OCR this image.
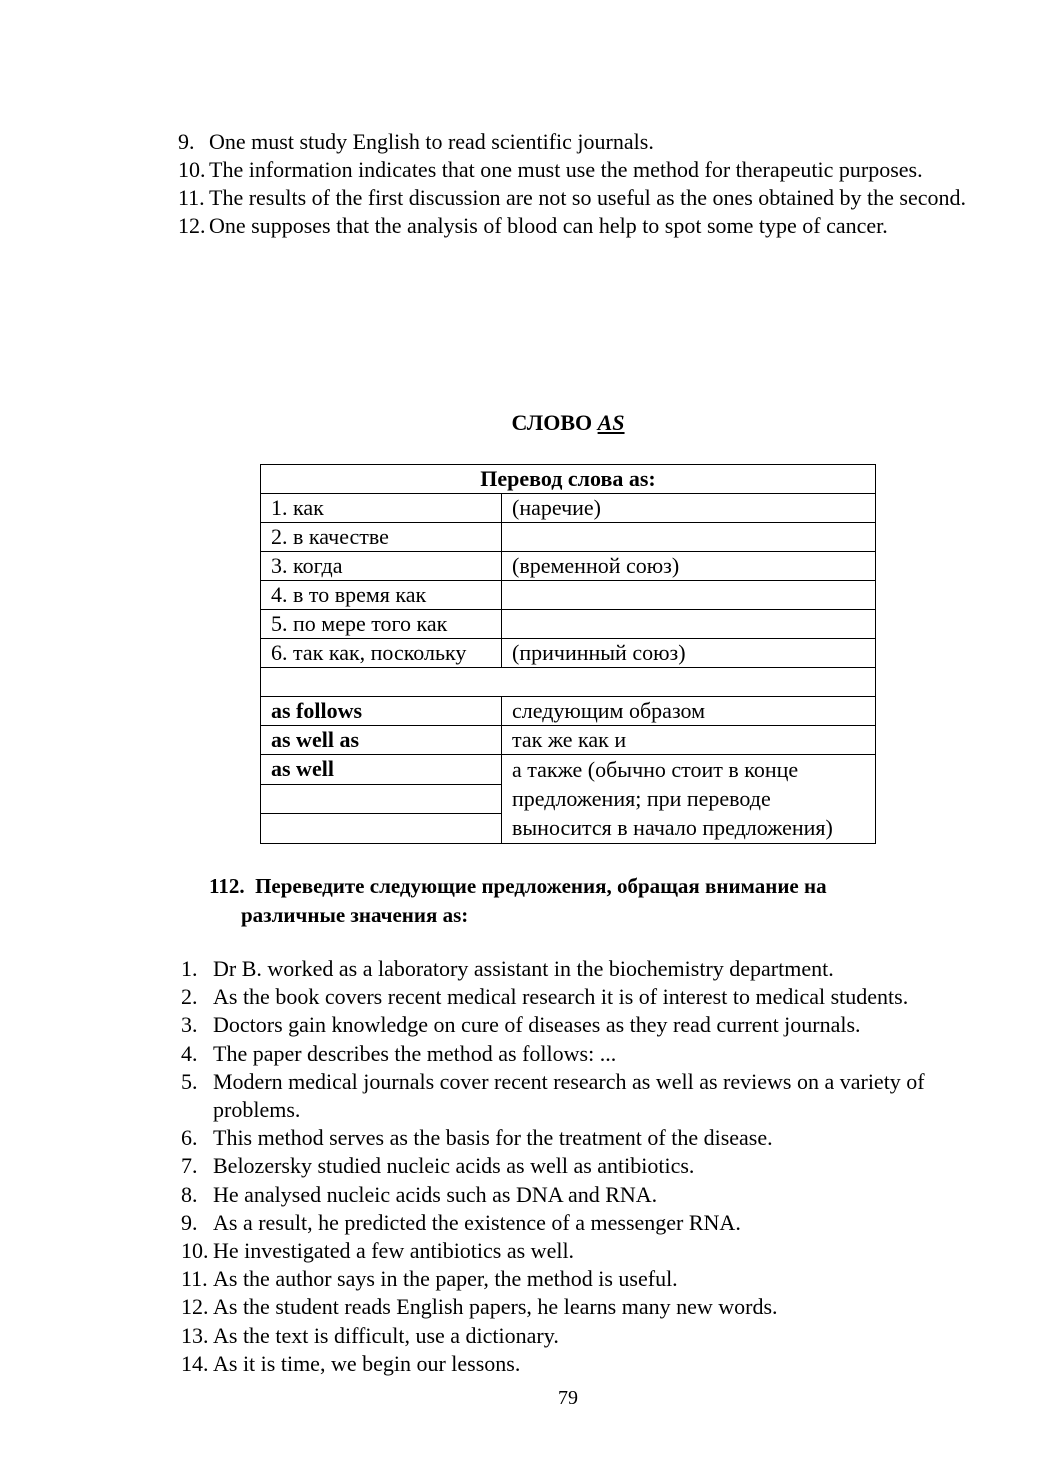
9. One must study English to read scientific journals.
10. The information indicates that one must use the method for therapeutic purposes.
11. The results of the first discussion are not so useful as the ones obtained by the second.
12. One supposes that the analysis of blood can help to spot some type of cancer.
СЛОВО AS
Перевод слова as:	
1. как	(наречие)
2. в качестве	
3. когда	(временной союз)
4. в то время как	
5. по мере того как	
6. так как, поскольку	(причинный союз)

as follows	следующим образом
as well as	так же как и
as well	а также (обычно стоит в конце предложения; при переводе выносится в начало предложения)

112. Переведите следующие предложения, обращая внимание на
различные значения as:
1. Dr B. worked as a laboratory assistant in the biochemistry department.
2. As the book covers recent medical research it is of interest to medical students.
3. Doctors gain knowledge on cure of diseases as they read current journals.
4. The paper describes the method as follows: ...
5. Modern medical journals cover recent research as well as reviews on a variety of problems.
6. This method serves as the basis for the treatment of the disease.
7. Belozersky studied nucleic acids as well as antibiotics.
8. He analysed nucleic acids such as DNA and RNA.
9. As a result, he predicted the existence of a messenger RNA.
10. He investigated a few antibiotics as well.
11. As the author says in the paper, the method is useful.
12. As the student reads English papers, he learns many new words.
13. As the text is difficult, use a dictionary.
14. As it is time, we begin our lessons.
79
